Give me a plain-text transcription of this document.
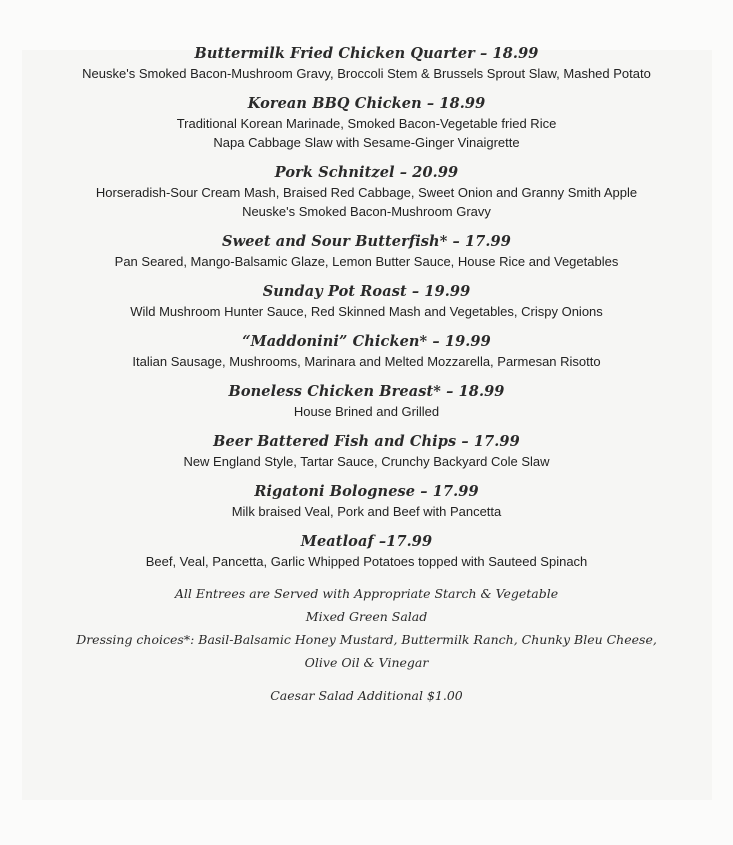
Buttermilk Fried Chicken Quarter – 18.99
Neuske's Smoked Bacon-Mushroom Gravy, Broccoli Stem & Brussels Sprout Slaw, Mashed Potato
Korean BBQ Chicken – 18.99
Traditional Korean Marinade, Smoked Bacon-Vegetable fried Rice
Napa Cabbage Slaw with Sesame-Ginger Vinaigrette
Pork Schnitzel – 20.99
Horseradish-Sour Cream Mash, Braised Red Cabbage, Sweet Onion and Granny Smith Apple
Neuske's Smoked Bacon-Mushroom Gravy
Sweet and Sour Butterfish* – 17.99
Pan Seared, Mango-Balsamic Glaze, Lemon Butter Sauce, House Rice and Vegetables
Sunday Pot Roast – 19.99
Wild Mushroom Hunter Sauce, Red Skinned Mash and Vegetables, Crispy Onions
“Maddonini” Chicken* – 19.99
Italian Sausage, Mushrooms, Marinara and Melted Mozzarella, Parmesan Risotto
Boneless Chicken Breast* – 18.99
House Brined and Grilled
Beer Battered Fish and Chips – 17.99
New England Style, Tartar Sauce, Crunchy Backyard Cole Slaw
Rigatoni Bolognese – 17.99
Milk braised Veal, Pork and Beef with Pancetta
Meatloaf –17.99
Beef, Veal, Pancetta, Garlic Whipped Potatoes topped with Sauteed Spinach
All Entrees are Served with Appropriate Starch & Vegetable
Mixed Green Salad
Dressing choices*: Basil-Balsamic Honey Mustard, Buttermilk Ranch, Chunky Bleu Cheese,
Olive Oil & Vinegar
Caesar Salad Additional $1.00
